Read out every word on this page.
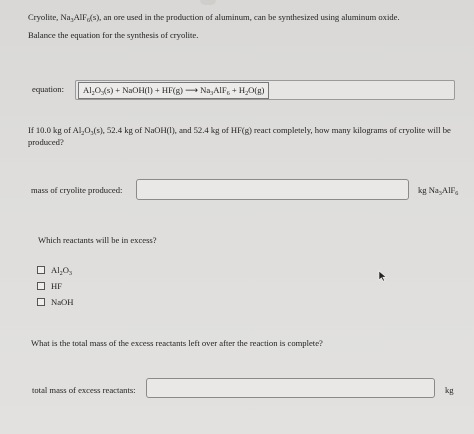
Cryolite, $Na_3AlF_6(s)$, an ore used in the production of aluminum, can be synthesized using aluminum oxide.

Balance the equation for the synthesis of cryolite.

equation:	$Al_2O_3(s)$ + NaOH(l) + HF(g) ⟶ $Na_3AlF_6 + H_2O(g)$
If 10.0 kg of $Al_2O_3(s)$, 52.4 kg of NaOH(l), and 52.4 kg of HF(g) react completely, how many kilograms of cryolite will be produced?
mass of cryolite produced:	kg $Na_3AlF_6$
Which reactants will be in excess?
$Al_2O_3$
HF
NaOH
What is the total mass of the excess reactants left over after the reaction is complete?
total mass of excess reactants:	kg
